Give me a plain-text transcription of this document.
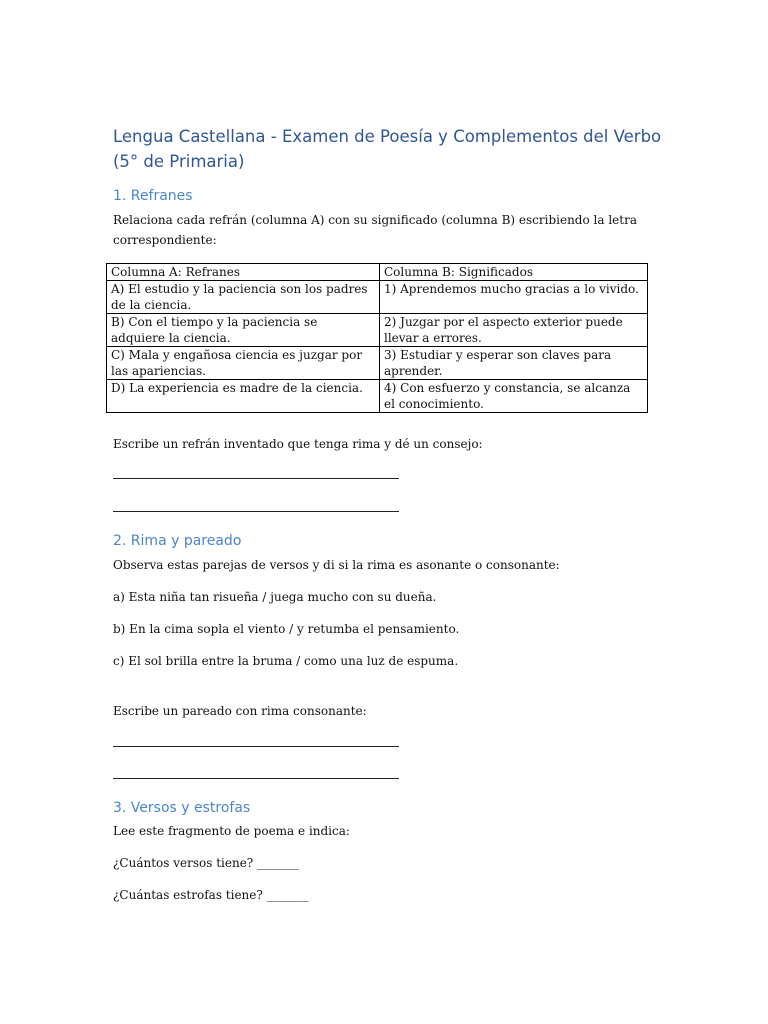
Lengua Castellana - Examen de Poesía y Complementos del Verbo (5° de Primaria)
1. Refranes

Relaciona cada refrán (columna A) con su significado (columna B) escribiendo la letra correspondiente:

Columna A: Refranes	Columna B: Significados
A) El estudio y la paciencia son los padres de la ciencia.	1) Aprendemos mucho gracias a lo vivido.
B) Con el tiempo y la paciencia se adquiere la ciencia.	2) Juzgar por el aspecto exterior puede llevar a errores.
C) Mala y engañosa ciencia es juzgar por las apariencias.	3) Estudiar y esperar son claves para aprender.
D) La experiencia es madre de la ciencia.	4) Con esfuerzo y constancia, se alcanza el conocimiento.

Escribe un refrán inventado que tenga rima y dé un consejo:

2. Rima y pareado

Observa estas parejas de versos y di si la rima es asonante o consonante:

a) Esta niña tan risueña / juega mucho con su dueña.

b) En la cima sopla el viento / y retumba el pensamiento.

c) El sol brilla entre la bruma / como una luz de espuma.

Escribe un pareado con rima consonante:

3. Versos y estrofas

Lee este fragmento de poema e indica:

¿Cuántos versos tiene? _______

¿Cuántas estrofas tiene? _______
